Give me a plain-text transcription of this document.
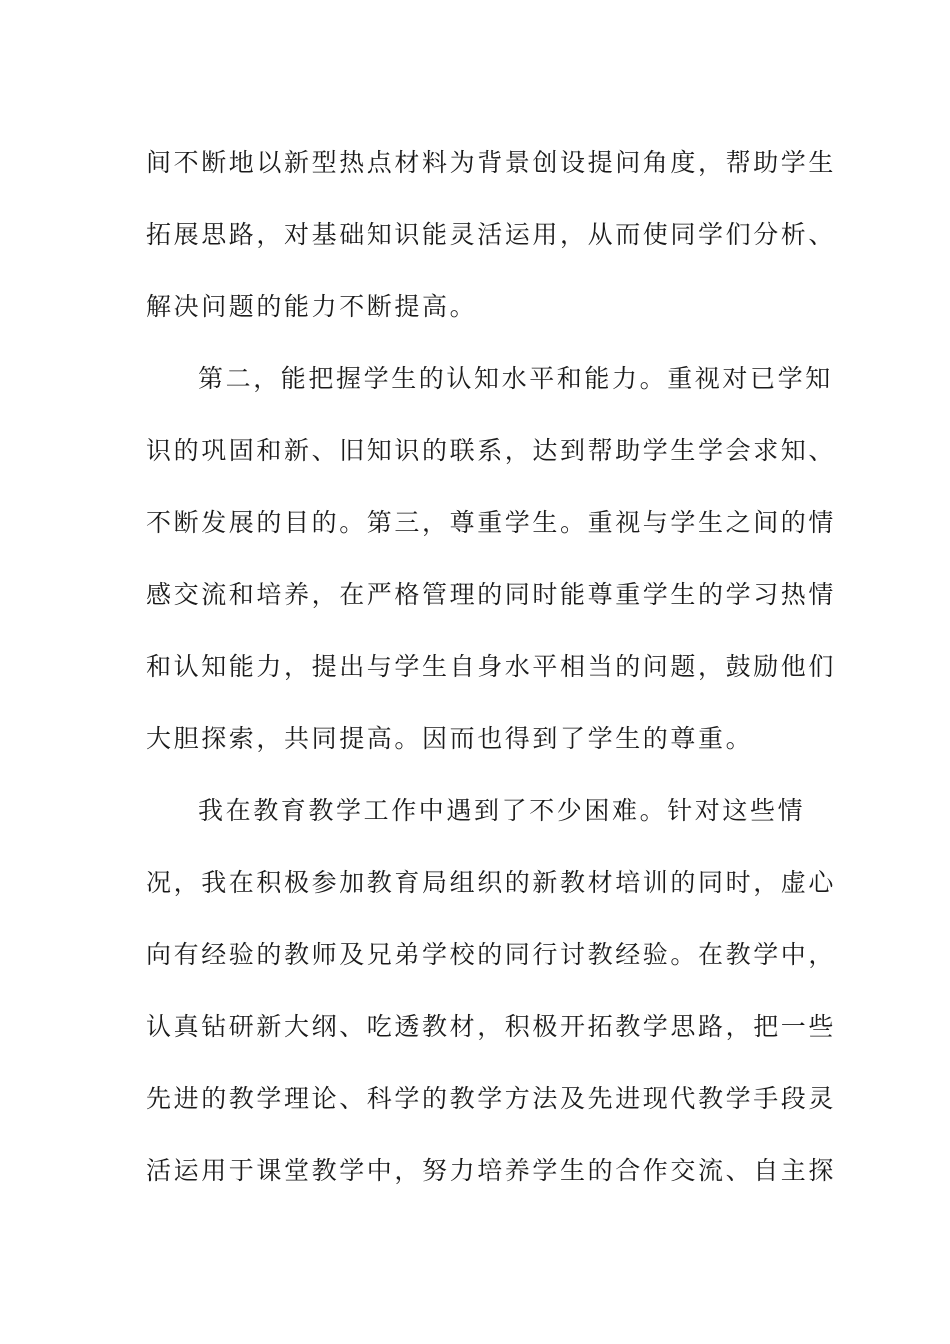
间不断地以新型热点材料为背景创设提问角度，帮助学生
拓展思路，对基础知识能灵活运用，从而使同学们分析、
解决问题的能力不断提高。
第二，能把握学生的认知水平和能力。重视对已学知
识的巩固和新、旧知识的联系，达到帮助学生学会求知、
不断发展的目的。第三，尊重学生。重视与学生之间的情
感交流和培养，在严格管理的同时能尊重学生的学习热情
和认知能力，提出与学生自身水平相当的问题，鼓励他们
大胆探索，共同提高。因而也得到了学生的尊重。
我在教育教学工作中遇到了不少困难。针对这些情
况，我在积极参加教育局组织的新教材培训的同时，虚心
向有经验的教师及兄弟学校的同行讨教经验。在教学中，
认真钻研新大纲、吃透教材，积极开拓教学思路，把一些
先进的教学理论、科学的教学方法及先进现代教学手段灵
活运用于课堂教学中，努力培养学生的合作交流、自主探
